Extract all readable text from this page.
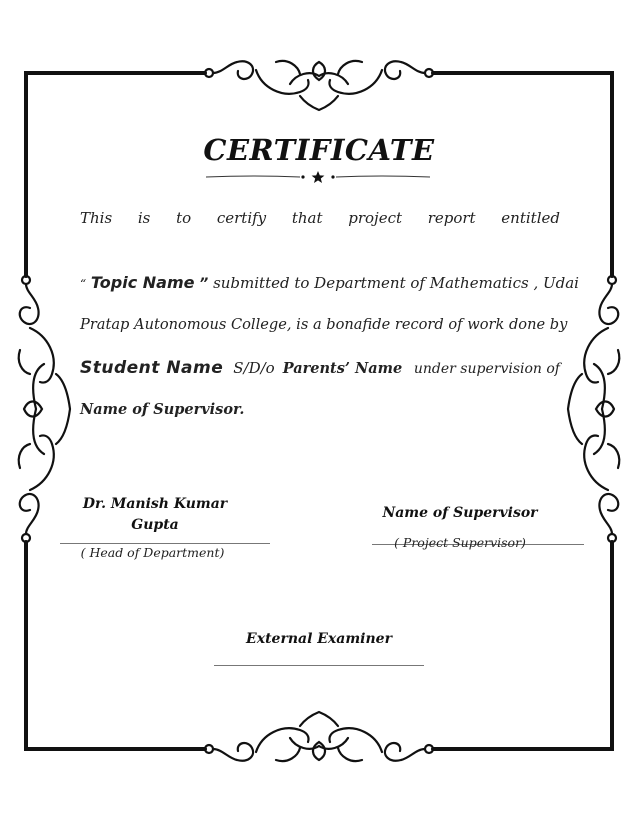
CERTIFICATE
This is to certify that project report entitled
“ Topic Name ” submitted to Department of Mathematics , Udai
Pratap Autonomous College, is a bonafide record of work done by
Student Name S/D/o Parents’ Name under supervision of
Name of Supervisor.
Dr. Manish Kumar Gupta
( Head of Department)
Name of Supervisor
( Project Supervisor)
External Examiner
